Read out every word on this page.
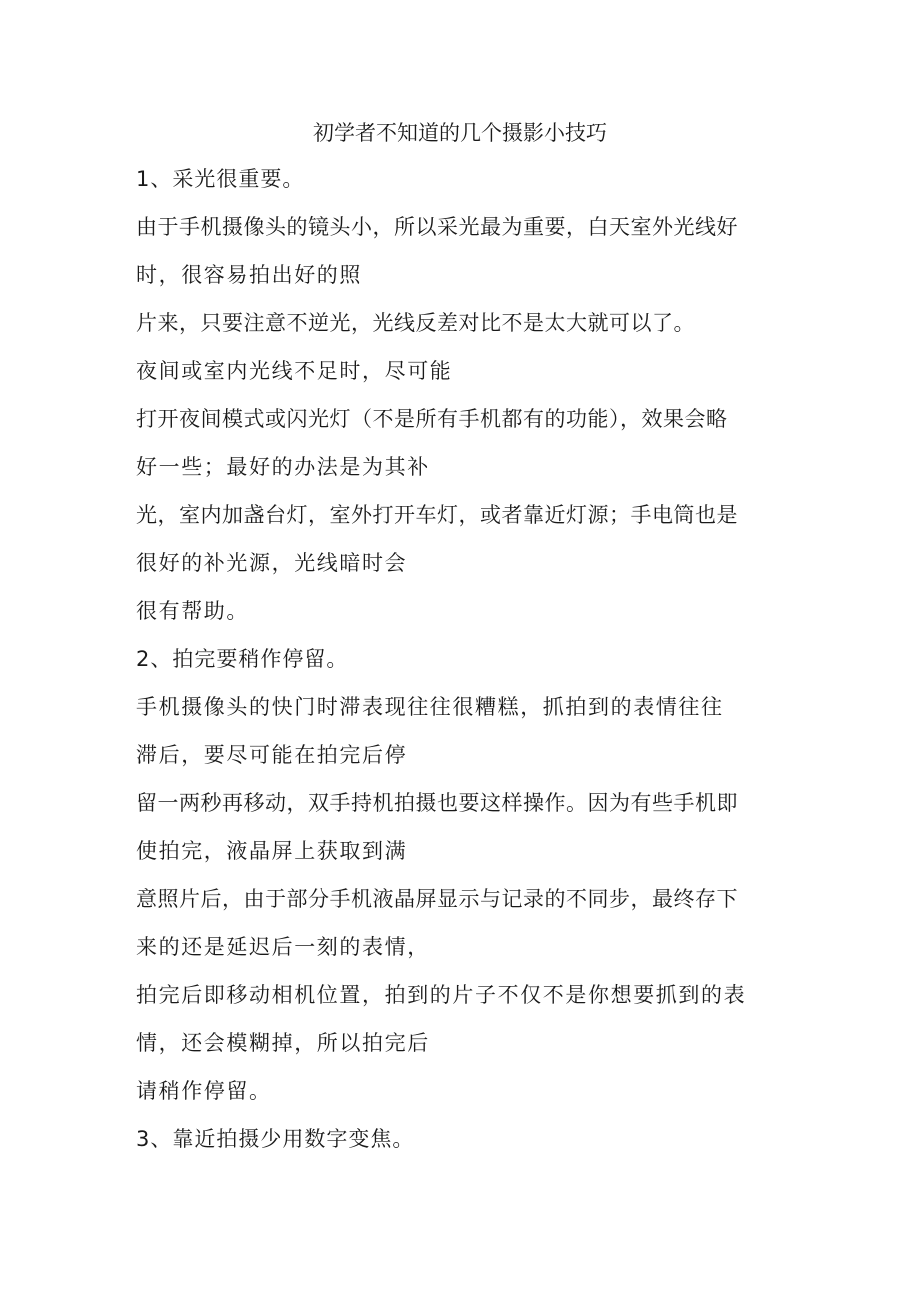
初学者不知道的几个摄影小技巧

1、采光很重要。

由于手机摄像头的镜头小，所以采光最为重要，白天室外光线好

时，很容易拍出好的照

片来，只要注意不逆光，光线反差对比不是太大就可以了。

夜间或室内光线不足时，尽可能

打开夜间模式或闪光灯（不是所有手机都有的功能），效果会略

好一些；最好的办法是为其补

光，室内加盏台灯，室外打开车灯，或者靠近灯源；手电筒也是

很好的补光源，光线暗时会

很有帮助。

2、拍完要稍作停留。

手机摄像头的快门时滞表现往往很糟糕，抓拍到的表情往往

滞后，要尽可能在拍完后停

留一两秒再移动，双手持机拍摄也要这样操作。因为有些手机即

使拍完，液晶屏上获取到满

意照片后，由于部分手机液晶屏显示与记录的不同步，最终存下

来的还是延迟后一刻的表情，

拍完后即移动相机位置，拍到的片子不仅不是你想要抓到的表

情，还会模糊掉，所以拍完后

请稍作停留。

3、靠近拍摄少用数字变焦。
